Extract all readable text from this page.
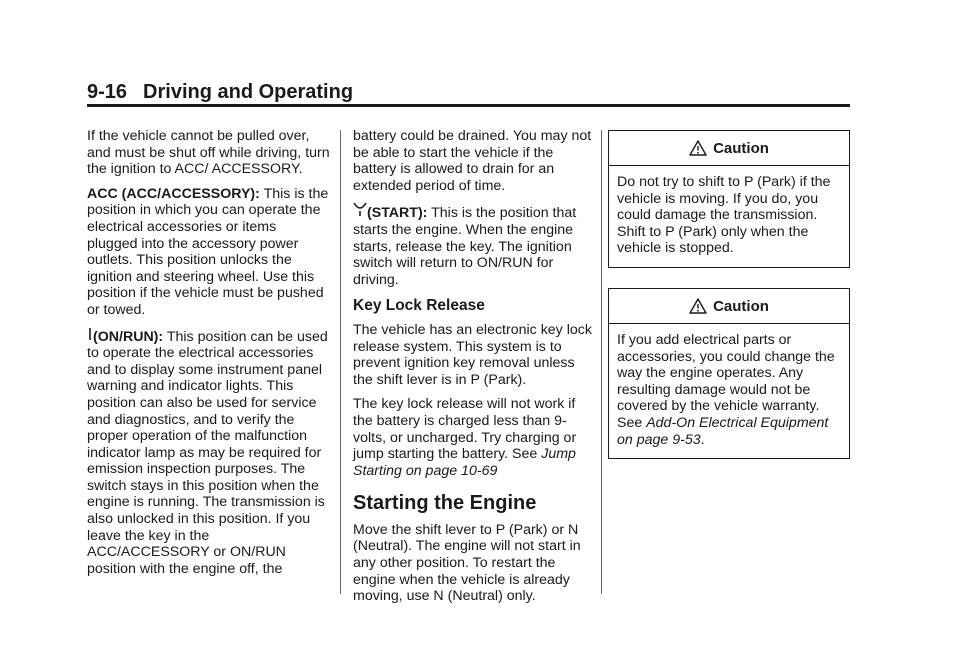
9-16 Driving and Operating

If the vehicle cannot be pulled over, and must be shut off while driving, turn the ignition to ACC/ ACCESSORY.

ACC (ACC/ACCESSORY): This is the position in which you can operate the electrical accessories or items plugged into the accessory power outlets. This position unlocks the ignition and steering wheel. Use this position if the vehicle must be pushed or towed.

(ON/RUN): This position can be used to operate the electrical accessories and to display some instrument panel warning and indicator lights. This position can also be used for service and diagnostics, and to verify the proper operation of the malfunction indicator lamp as may be required for emission inspection purposes. The switch stays in this position when the engine is running. The transmission is also unlocked in this position. If you leave the key in the ACC/ACCESSORY or ON/RUN position with the engine off, the

battery could be drained. You may not be able to start the vehicle if the battery is allowed to drain for an extended period of time.

(START): This is the position that starts the engine. When the engine starts, release the key. The ignition switch will return to ON/RUN for driving.

Key Lock Release

The vehicle has an electronic key lock release system. This system is to prevent ignition key removal unless the shift lever is in P (Park).

The key lock release will not work if the battery is charged less than 9-volts, or uncharged. Try charging or jump starting the battery. See Jump Starting on page 10-69

Starting the Engine

Move the shift lever to P (Park) or N (Neutral). The engine will not start in any other position. To restart the engine when the vehicle is already moving, use N (Neutral) only.

Caution

Do not try to shift to P (Park) if the vehicle is moving. If you do, you could damage the transmission. Shift to P (Park) only when the vehicle is stopped.

Caution

If you add electrical parts or accessories, you could change the way the engine operates. Any resulting damage would not be covered by the vehicle warranty. See Add-On Electrical Equipment on page 9-53.
